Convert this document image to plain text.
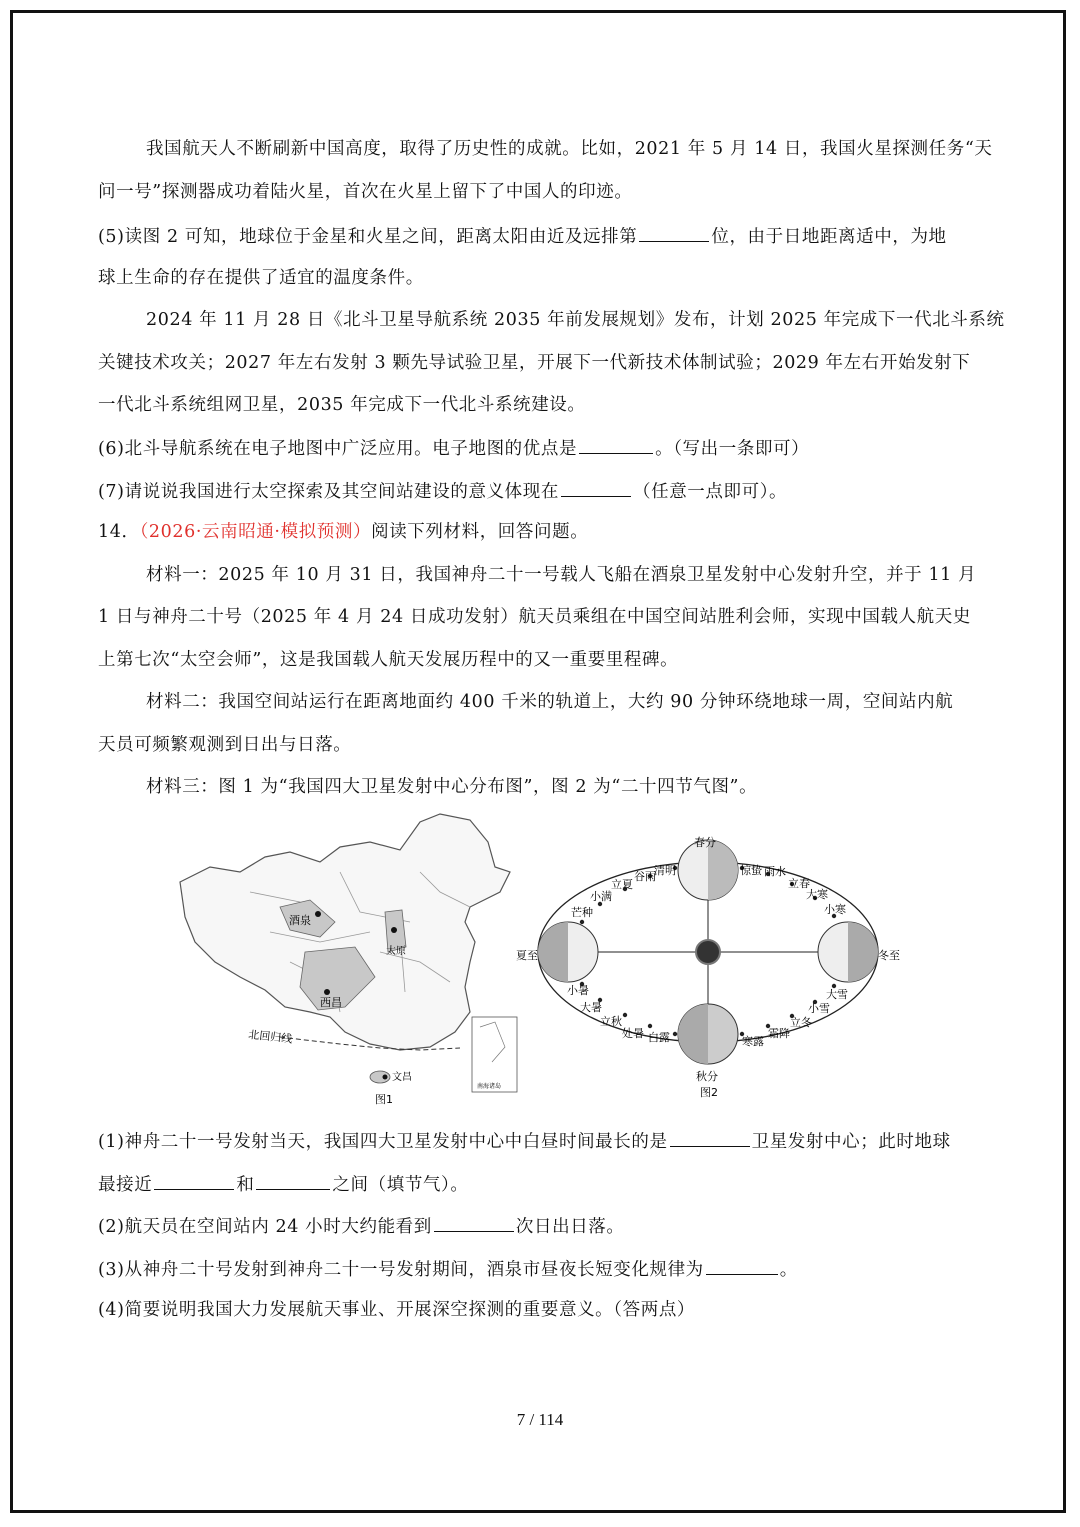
我国航天人不断刷新中国高度，取得了历史性的成就。比如，2021 年 5 月 14 日，我国火星探测任务“天
问一号”探测器成功着陆火星，首次在火星上留下了中国人的印迹。
(5)读图 2 可知，地球位于金星和火星之间，距离太阳由近及远排第	位，由于日地距离适中，为地
球上生命的存在提供了适宜的温度条件。
2024 年 11 月 28 日《北斗卫星导航系统 2035 年前发展规划》发布，计划 2025 年完成下一代北斗系统
关键技术攻关；2027 年左右发射 3 颗先导试验卫星，开展下一代新技术体制试验；2029 年左右开始发射下
一代北斗系统组网卫星，2035 年完成下一代北斗系统建设。
(6)北斗导航系统在电子地图中广泛应用。电子地图的优点是	。（写出一条即可）
(7)请说说我国进行太空探索及其空间站建设的意义体现在	（任意一点即可）。
14．（2026·云南昭通·模拟预测）阅读下列材料，回答问题。
材料一：2025 年 10 月 31 日，我国神舟二十一号载人飞船在酒泉卫星发射中心发射升空，并于 11 月
1 日与神舟二十号（2025 年 4 月 24 日成功发射）航天员乘组在中国空间站胜利会师，实现中国载人航天史
上第七次“太空会师”，这是我国载人航天发展历程中的又一重要里程碑。
材料二：我国空间站运行在距离地面约 400 千米的轨道上，大约 90 分钟环绕地球一周，空间站内航
天员可频繁观测到日出与日落。
材料三：图 1 为“我国四大卫星发射中心分布图”，图 2 为“二十四节气图”。
酒泉
太原
西昌
文昌
北回归线
南海诸岛
图1
春分
清明
谷雨
立夏
小满
芒种
夏至
小暑
大暑
立秋
处暑 白露
秋分
寒露
霜降
立冬
小雪
大雪
冬至
小寒
大寒
立春
雨水
惊蛰
图2
(1)神舟二十一号发射当天，我国四大卫星发射中心中白昼时间最长的是	卫星发射中心；此时地球
最接近	和	之间（填节气）。
(2)航天员在空间站内 24 小时大约能看到	次日出日落。
(3)从神舟二十号发射到神舟二十一号发射期间，酒泉市昼夜长短变化规律为	。
(4)简要说明我国大力发展航天事业、开展深空探测的重要意义。（答两点）
7 / 114
